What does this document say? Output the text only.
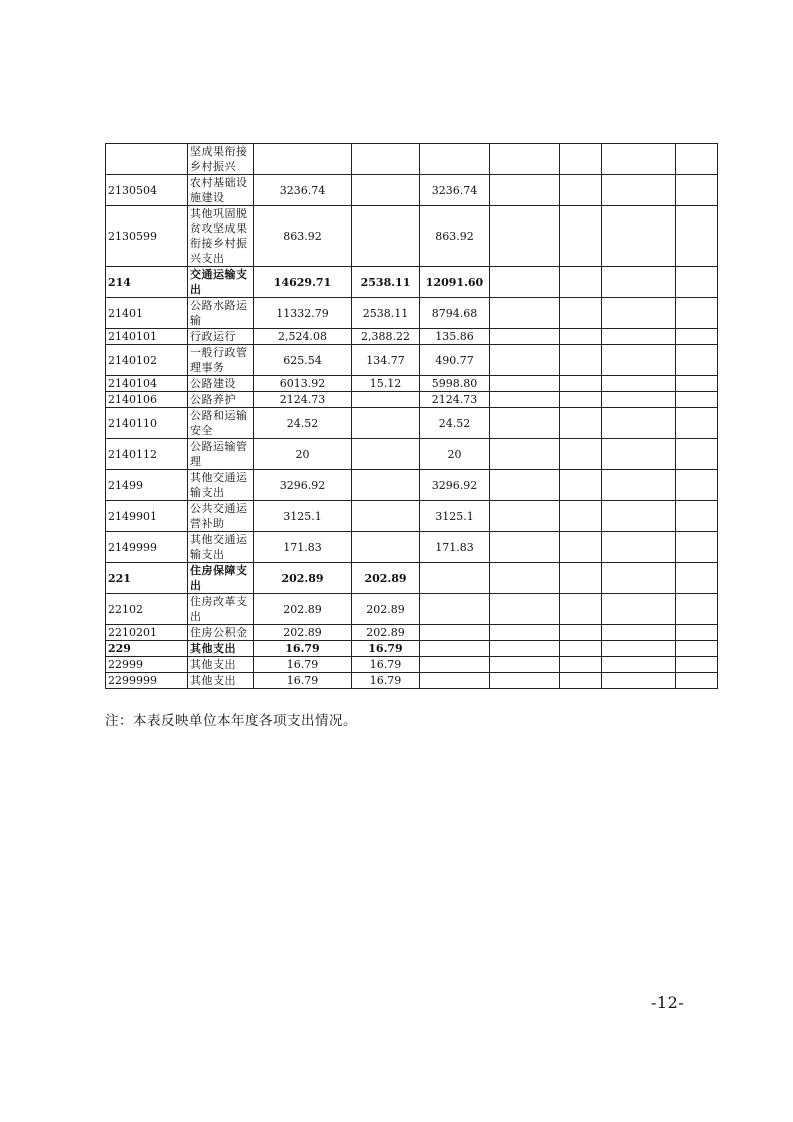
	坚成果衔接乡村振兴							
2130504	农村基础设施建设	3236.74		3236.74				
2130599	其他巩固脱贫攻坚成果衔接乡村振兴支出	863.92		863.92				
214	交通运输支出	14629.71	2538.11	12091.60				
21401	公路水路运输	11332.79	2538.11	8794.68				
2140101	行政运行	2,524.08	2,388.22	135.86				
2140102	一般行政管理事务	625.54	134.77	490.77				
2140104	公路建设	6013.92	15.12	5998.80				
2140106	公路养护	2124.73		2124.73				
2140110	公路和运输安全	24.52		24.52				
2140112	公路运输管理	20		20				
21499	其他交通运输支出	3296.92		3296.92				
2149901	公共交通运营补助	3125.1		3125.1				
2149999	其他交通运输支出	171.83		171.83				
221	住房保障支出	202.89	202.89					
22102	住房改革支出	202.89	202.89					
2210201	住房公积金	202.89	202.89					
229	其他支出	16.79	16.79					
22999	其他支出	16.79	16.79					
2299999	其他支出	16.79	16.79					
注：本表反映单位本年度各项支出情况。
-12-
